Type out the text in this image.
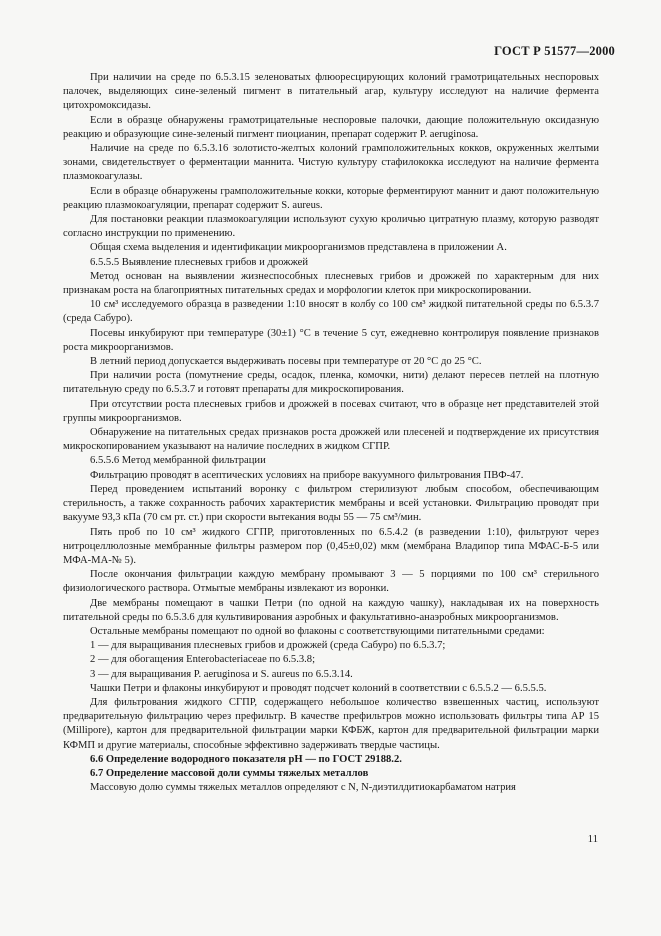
ГОСТ Р 51577—2000

При наличии на среде по 6.5.3.15 зеленоватых флюоресцирующих колоний грамотрицательных неспоровых палочек, выделяющих сине-зеленый пигмент в питательный агар, культуру исследуют на наличие фермента цитохромоксидазы.

Если в образце обнаружены грамотрицательные неспоровые палочки, дающие положительную оксидазную реакцию и образующие сине-зеленый пигмент пиоцианин, препарат содержит P. aeruginosa.

Наличие на среде по 6.5.3.16 золотисто-желтых колоний грамположительных кокков, окруженных желтыми зонами, свидетельствует о ферментации маннита. Чистую культуру стафилококка исследуют на наличие фермента плазмокоагулазы.

Если в образце обнаружены грамположительные кокки, которые ферментируют маннит и дают положительную реакцию плазмокоагуляции, препарат содержит S. aureus.

Для постановки реакции плазмокоагуляции используют сухую кроличью цитратную плазму, которую разводят согласно инструкции по применению.

Общая схема выделения и идентификации микроорганизмов представлена в приложении А.

6.5.5.5 Выявление плесневых грибов и дрожжей

Метод основан на выявлении жизнеспособных плесневых грибов и дрожжей по характерным для них признакам роста на благоприятных питательных средах и морфологии клеток при микроскопировании.

10 см³ исследуемого образца в разведении 1:10 вносят в колбу со 100 см³ жидкой питательной среды по 6.5.3.7 (среда Сабуро).

Посевы инкубируют при температуре (30±1) °С в течение 5 сут, ежедневно контролируя появление признаков роста микроорганизмов.

В летний период допускается выдерживать посевы при температуре от 20 °С до 25 °С.

При наличии роста (помутнение среды, осадок, пленка, комочки, нити) делают пересев петлей на плотную питательную среду по 6.5.3.7 и готовят препараты для микроскопирования.

При отсутствии роста плесневых грибов и дрожжей в посевах считают, что в образце нет представителей этой группы микроорганизмов.

Обнаружение на питательных средах признаков роста дрожжей или плесеней и подтверждение их присутствия микроскопированием указывают на наличие последних в жидком СГПР.

6.5.5.6 Метод мембранной фильтрации

Фильтрацию проводят в асептических условиях на приборе вакуумного фильтрования ПВФ-47.

Перед проведением испытаний воронку с фильтром стерилизуют любым способом, обеспечивающим стерильность, а также сохранность рабочих характеристик мембраны и всей установки. Фильтрацию проводят при вакууме 93,3 кПа (70 см рт. ст.) при скорости вытекания воды 55 — 75 см³/мин.

Пять проб по 10 см³ жидкого СГПР, приготовленных по 6.5.4.2 (в разведении 1:10), фильтруют через нитроцеллюлозные мембранные фильтры размером пор (0,45±0,02) мкм (мембрана Владипор типа МФАС-Б-5 или МФА-МА-№ 5).

После окончания фильтрации каждую мембрану промывают 3 — 5 порциями по 100 см³ стерильного физиологического раствора. Отмытые мембраны извлекают из воронки.

Две мембраны помещают в чашки Петри (по одной на каждую чашку), накладывая их на поверхность питательной среды по 6.5.3.6 для культивирования аэробных и факультативно-анаэробных микроорганизмов.

Остальные мембраны помещают по одной во флаконы с соответствующими питательными средами:

1 — для выращивания плесневых грибов и дрожжей (среда Сабуро) по 6.5.3.7;

2 — для обогащения Enterobacteriaceae по 6.5.3.8;

3 — для выращивания P. aeruginosa и S. aureus по 6.5.3.14.

Чашки Петри и флаконы инкубируют и проводят подсчет колоний в соответствии с 6.5.5.2 — 6.5.5.5.

Для фильтрования жидкого СГПР, содержащего небольшое количество взвешенных частиц, используют предварительную фильтрацию через префильтр. В качестве префильтров можно использовать фильтры типа АР 15 (Millipore), картон для предварительной фильтрации марки КФБЖ, картон для предварительной фильтрации марки КФМП и другие материалы, способные эффективно задерживать твердые частицы.

6.6 Определение водородного показателя pH — по ГОСТ 29188.2.

6.7 Определение массовой доли суммы тяжелых металлов

Массовую долю суммы тяжелых металлов определяют с N, N-диэтилдитиокарбаматом натрия

11
